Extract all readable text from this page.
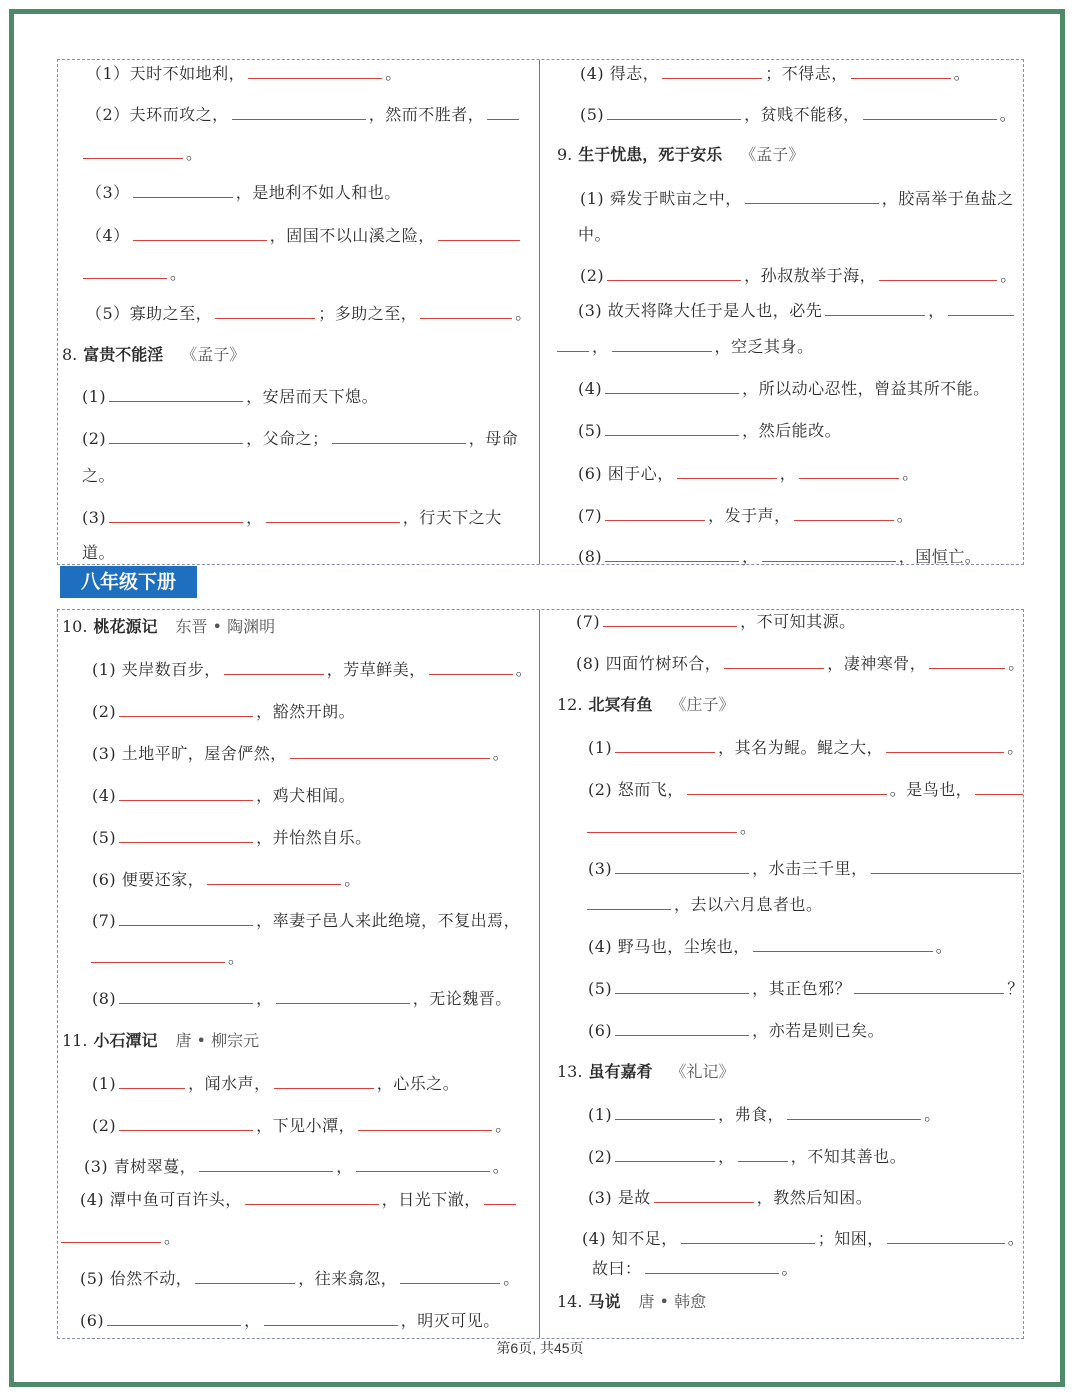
（1）天时不如地利，	。
（2）夫环而攻之，	，然而不胜者，
。
（3）	，是地利不如人和也。
（4）	，固国不以山溪之险，
。
（5）寡助之至，	；多助之至，	。
8. 富贵不能淫 《孟子》
(1)	，安居而天下熄。
(2)	，父命之；	，母命
之。
(3)	，	，行天下之大
道。
(4) 得志，	；不得志，	。
(5)	，贫贱不能移，	。
9. 生于忧患，死于安乐 《孟子》
(1) 舜发于畎亩之中，	，胶鬲举于鱼盐之
中。
(2)	，孙叔敖举于海，	。
(3) 故天将降大任于是人也，必先	，
，	，空乏其身。
(4)	，所以动心忍性，曾益其所不能。
(5)	，然后能改。
(6) 困于心，	，	。
(7)	，发于声，	。
(8)	，	，国恒亡。
八年级下册
10. 桃花源记 东晋 • 陶渊明
(1) 夹岸数百步，	，芳草鲜美，	。
(2)	，豁然开朗。
(3) 土地平旷，屋舍俨然，	。
(4)	，鸡犬相闻。
(5)	，并怡然自乐。
(6) 便要还家，	。
(7)	，率妻子邑人来此绝境，不复出焉，
。
(8)	，	，无论魏晋。
11. 小石潭记 唐 • 柳宗元
(1)	，闻水声，	，心乐之。
(2)	，下见小潭，	。
(3) 青树翠蔓，	，	。
(4) 潭中鱼可百许头，	，日光下澈，
。
(5) 佁然不动，	，往来翕忽，	。
(6)	，	，明灭可见。
(7)	，不可知其源。
(8) 四面竹树环合，	，凄神寒骨，	。
12. 北冥有鱼 《庄子》
(1)	，其名为鲲。鲲之大，	。
(2) 怒而飞，	。是鸟也，
。
(3)	，水击三千里，
，去以六月息者也。
(4) 野马也，尘埃也，	。
(5)	，其正色邪？	？
(6)	，亦若是则已矣。
13. 虽有嘉肴 《礼记》
(1)	，弗食，	。
(2)	，	，不知其善也。
(3) 是故	，教然后知困。
(4) 知不足，	；知困，	。
故曰：	。
14. 马说 唐 • 韩愈
第6页, 共45页
